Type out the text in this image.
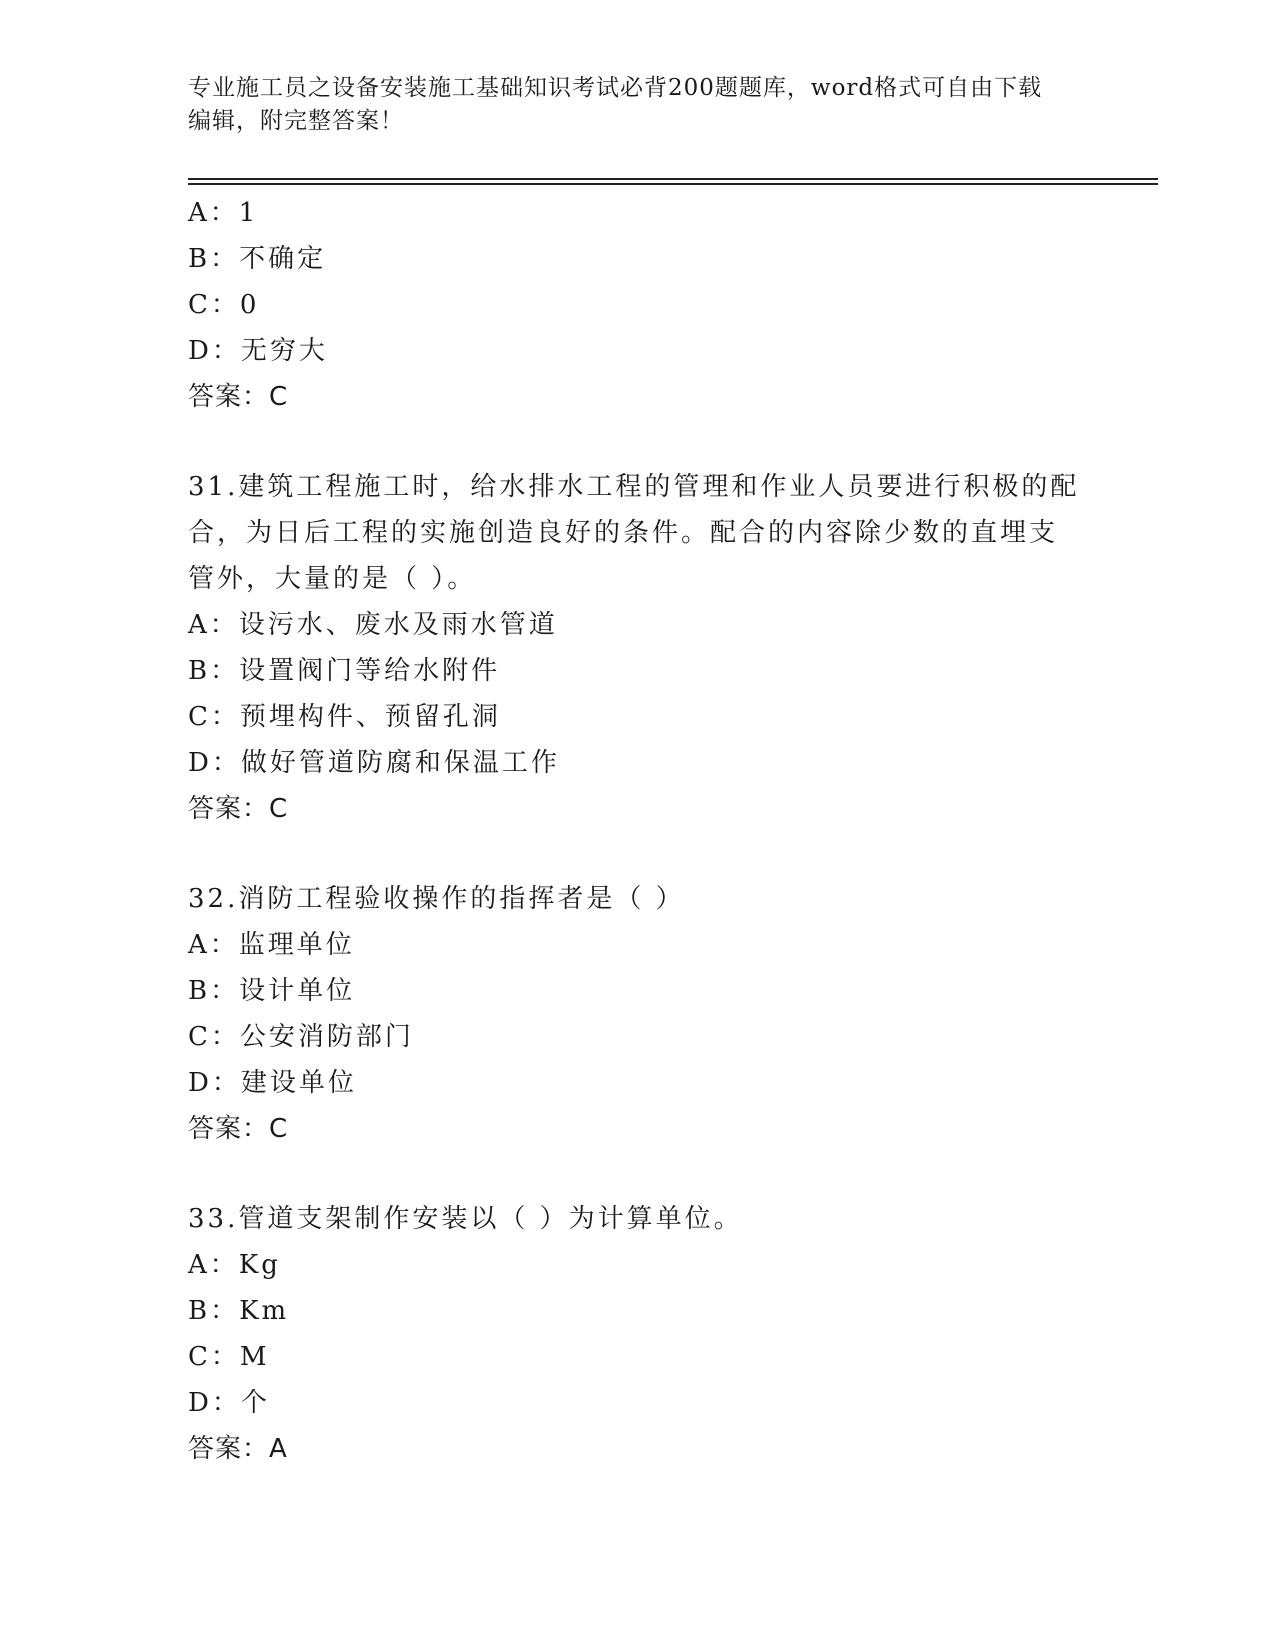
专业施工员之设备安装施工基础知识考试必背200题题库，word格式可自由下载
编辑，附完整答案！
A：1
B：不确定
C：0
D：无穷大
答案：C
31.建筑工程施工时，给水排水工程的管理和作业人员要进行积极的配
合，为日后工程的实施创造良好的条件。配合的内容除少数的直埋支
管外，大量的是（ ）。
A：设污水、废水及雨水管道
B：设置阀门等给水附件
C：预埋构件、预留孔洞
D：做好管道防腐和保温工作
答案：C
32.消防工程验收操作的指挥者是（ ）
A：监理单位
B：设计单位
C：公安消防部门
D：建设单位
答案：C
33.管道支架制作安装以（ ）为计算单位。
A：Kg
B：Km
C：M
D：个
答案：A
